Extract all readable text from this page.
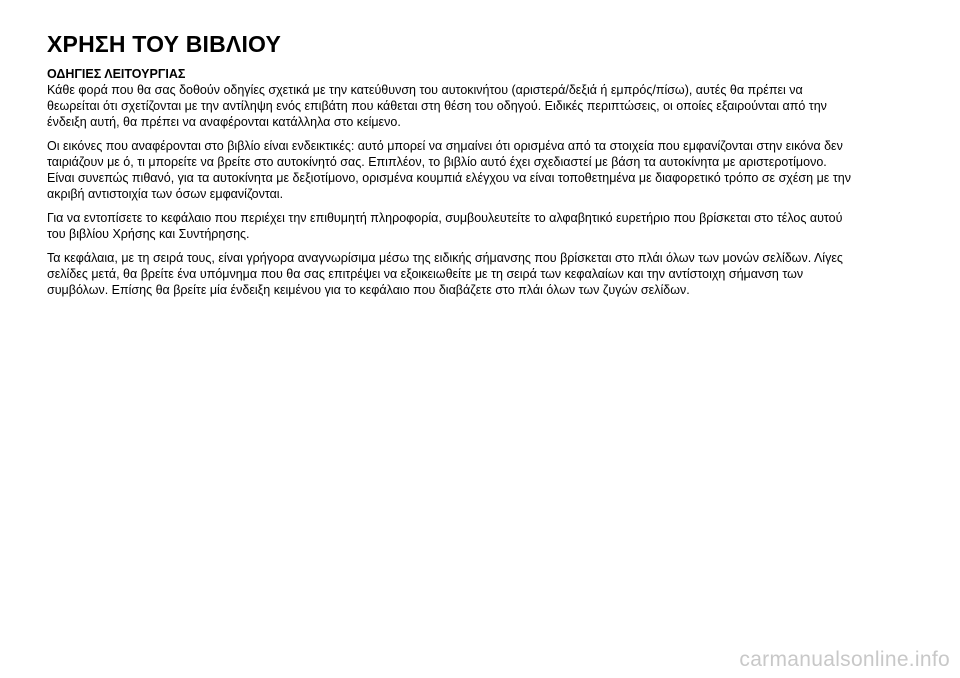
ΧΡΗΣΗ ΤΟΥ ΒΙΒΛΙΟΥ

ΟΔΗΓΙΕΣ ΛΕΙΤΟΥΡΓΙΑΣ

Κάθε φορά που θα σας δοθούν οδηγίες σχετικά με την κατεύθυνση του αυτοκινήτου (αριστερά/δεξιά ή εμπρός/πίσω), αυτές θα πρέπει να θεωρείται ότι σχετίζονται με την αντίληψη ενός επιβάτη που κάθεται στη θέση του οδηγού. Ειδικές περιπτώσεις, οι οποίες εξαιρούνται από την ένδειξη αυτή, θα πρέπει να αναφέρονται κατάλληλα στο κείμενο.

Οι εικόνες που αναφέρονται στο βιβλίο είναι ενδεικτικές: αυτό μπορεί να σημαίνει ότι ορισμένα από τα στοιχεία που εμφανίζονται στην εικόνα δεν ταιριάζουν με ό, τι μπορείτε να βρείτε στο αυτοκίνητό σας. Επιπλέον, το βιβλίο αυτό έχει σχεδιαστεί με βάση τα αυτοκίνητα με αριστεροτίμονο. Είναι συνεπώς πιθανό, για τα αυτοκίνητα με δεξιοτίμονο, ορισμένα κουμπιά ελέγχου να είναι τοποθετημένα με διαφορετικό τρόπο σε σχέση με την ακριβή αντιστοιχία των όσων εμφανίζονται.

Για να εντοπίσετε το κεφάλαιο που περιέχει την επιθυμητή πληροφορία, συμβουλευτείτε το αλφαβητικό ευρετήριο που βρίσκεται στο τέλος αυτού του βιβλίου Χρήσης και Συντήρησης.

Τα κεφάλαια, με τη σειρά τους, είναι γρήγορα αναγνωρίσιμα μέσω της ειδικής σήμανσης που βρίσκεται στο πλάι όλων των μονών σελίδων. Λίγες σελίδες μετά, θα βρείτε ένα υπόμνημα που θα σας επιτρέψει να εξοικειωθείτε με τη σειρά των κεφαλαίων και την αντίστοιχη σήμανση των συμβόλων. Επίσης θα βρείτε μία ένδειξη κειμένου για το κεφάλαιο που διαβάζετε στο πλάι όλων των ζυγών σελίδων.

carmanualsonline.info
